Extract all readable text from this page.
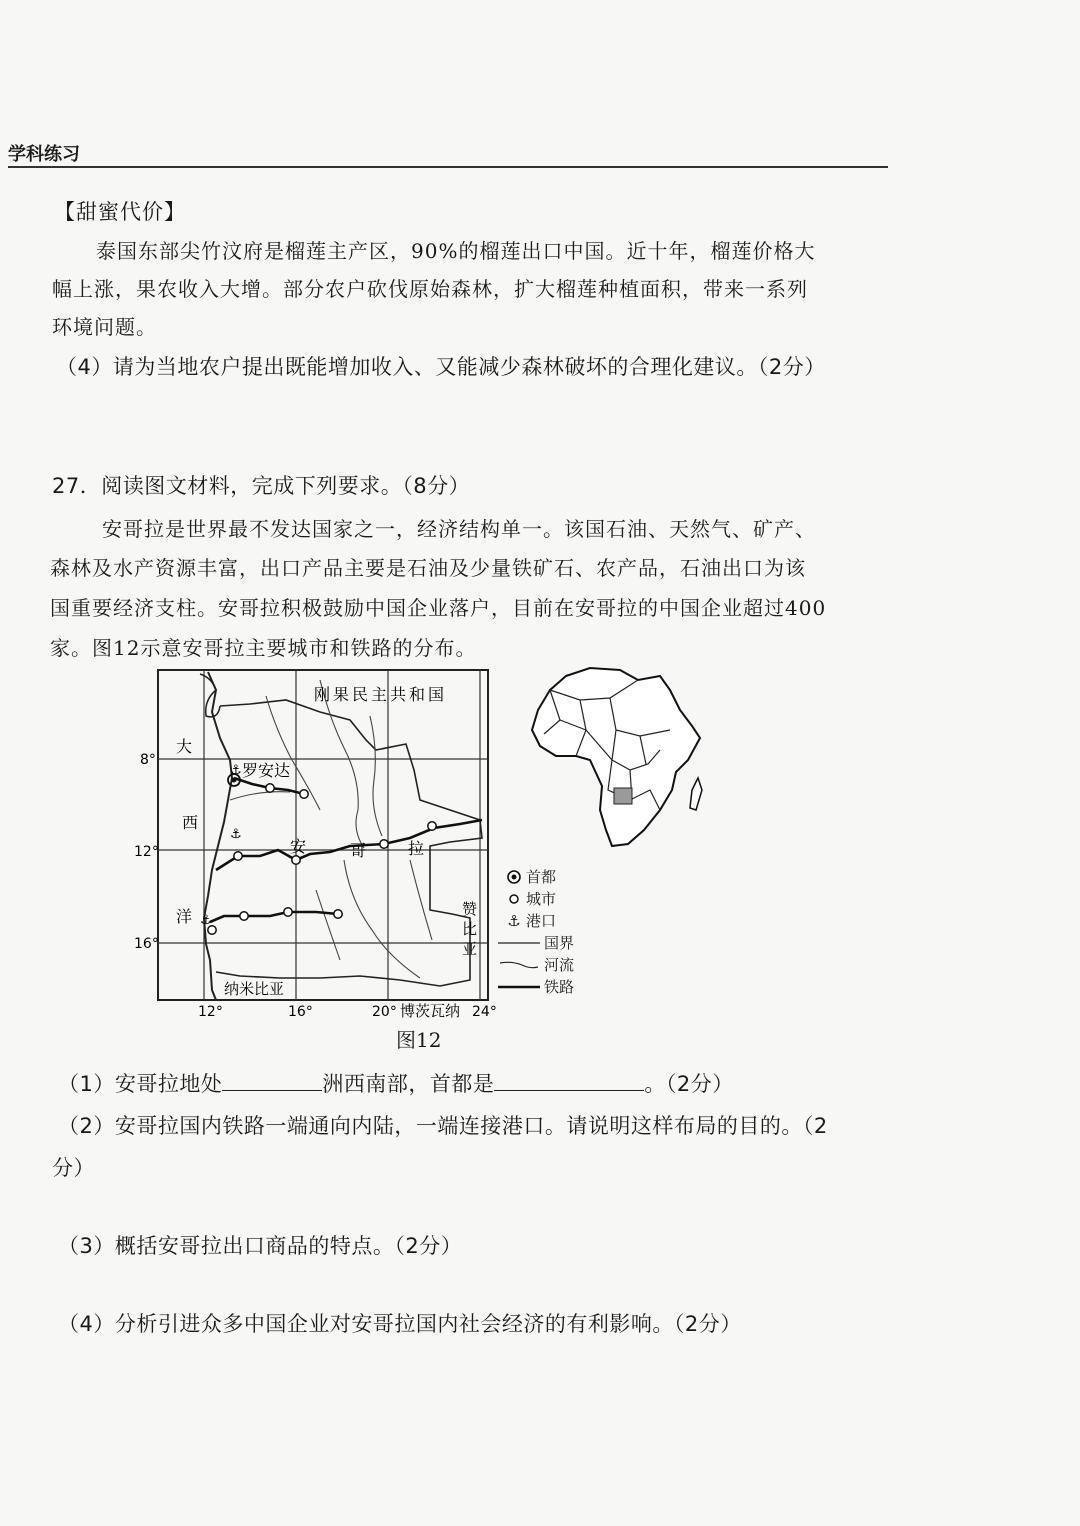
学科练习
【甜蜜代价】
泰国东部尖竹汶府是榴莲主产区，90%的榴莲出口中国。近十年，榴莲价格大
幅上涨，果农收入大增。部分农户砍伐原始森林，扩大榴莲种植面积，带来一系列
环境问题。
（4）请为当地农户提出既能增加收入、又能减少森林破坏的合理化建议。（2分）
27．阅读图文材料，完成下列要求。（8分）
安哥拉是世界最不发达国家之一，经济结构单一。该国石油、天然气、矿产、
森林及水产资源丰富，出口产品主要是石油及少量铁矿石、农产品，石油出口为该
国重要经济支柱。安哥拉积极鼓励中国企业落户，目前在安哥拉的中国企业超过400
家。图12示意安哥拉主要城市和铁路的分布。
⚓
⚓
⚓
刚果民主共和国
大
西
洋
罗安达
安	哥	拉
赞
比
亚
纳米比亚
博茨瓦纳
8°
12°
16°
12°	16°	20°	24°
首都
城市
⚓ 港口
国界
河流
铁路
图12
（1）安哥拉地处	洲西南部，首都是	。（2分）
（2）安哥拉国内铁路一端通向内陆，一端连接港口。请说明这样布局的目的。（2
分）
（3）概括安哥拉出口商品的特点。（2分）
（4）分析引进众多中国企业对安哥拉国内社会经济的有利影响。（2分）
